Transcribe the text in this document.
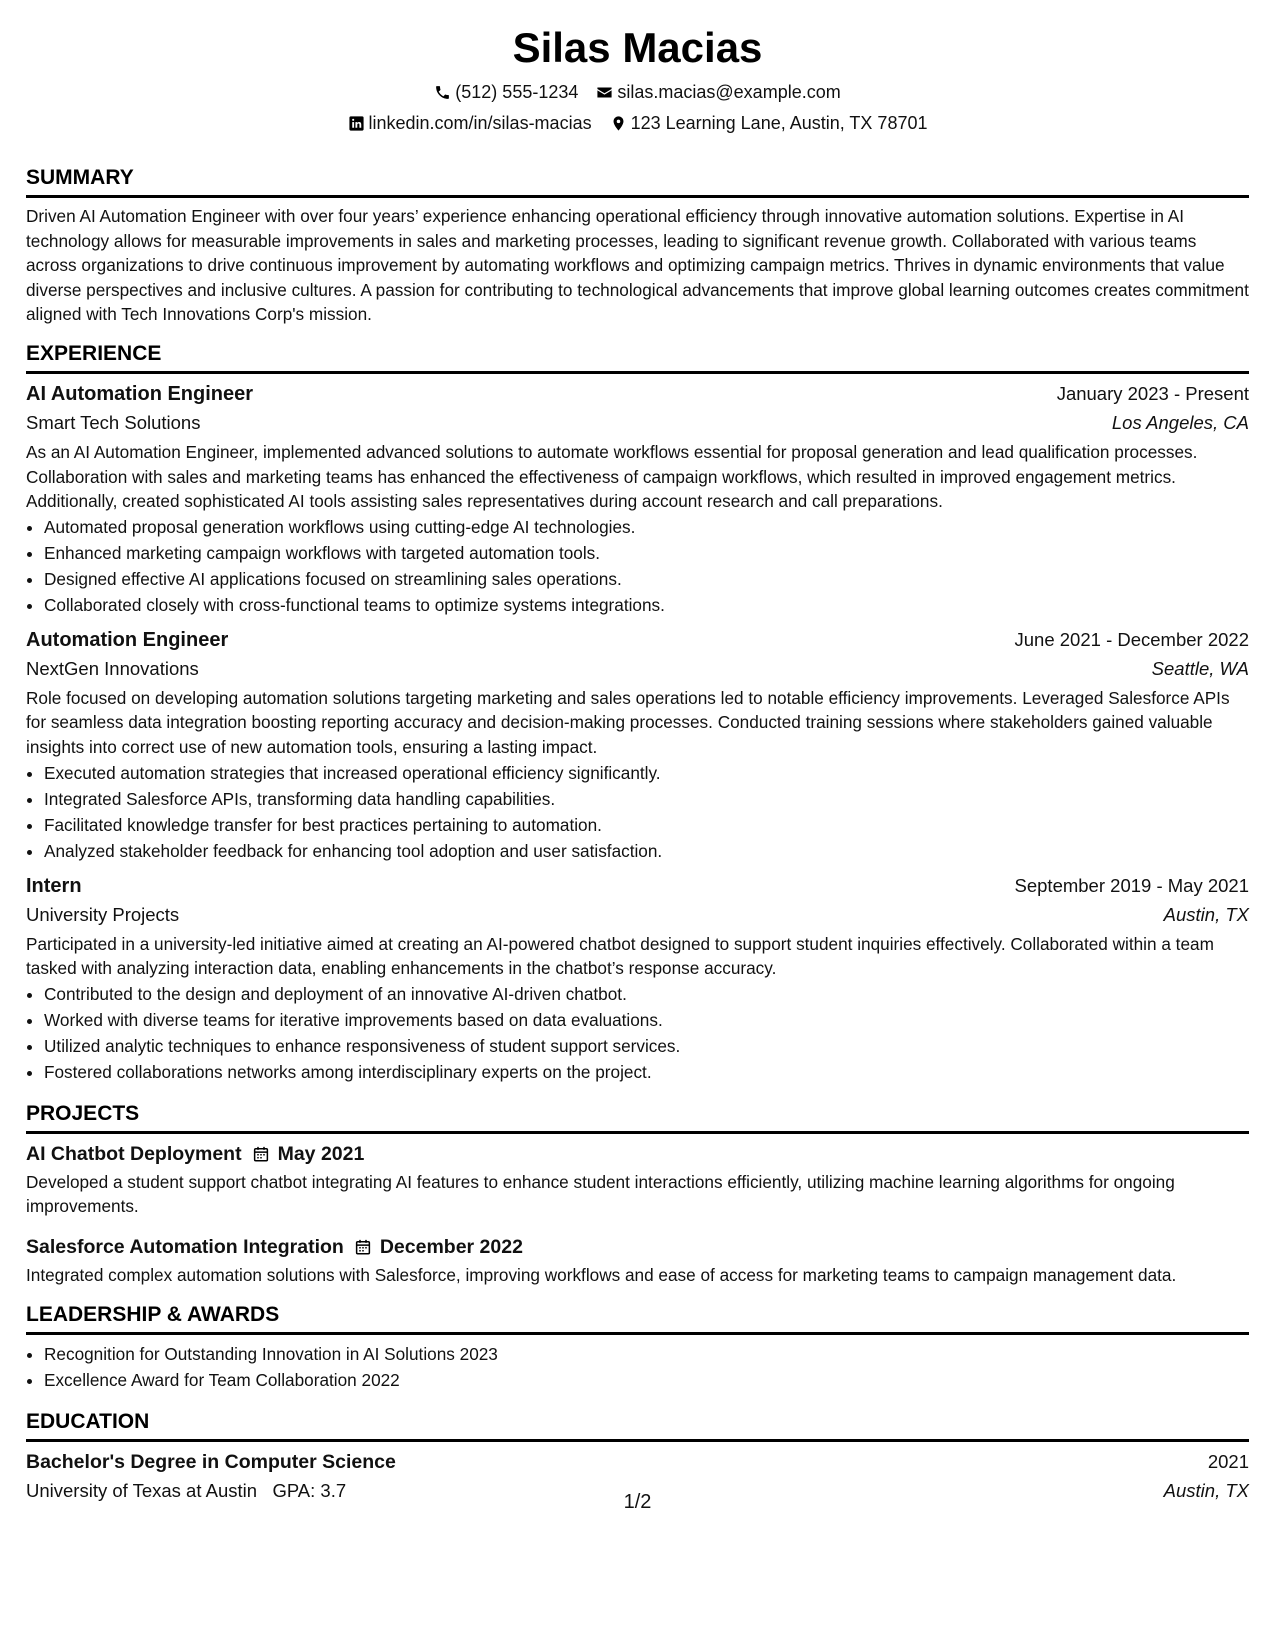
Silas Macias
(512) 555-1234 silas.macias@example.com
linkedin.com/in/silas-macias 123 Learning Lane, Austin, TX 78701
SUMMARY

Driven AI Automation Engineer with over four years’ experience enhancing operational efficiency through innovative automation solutions. Expertise in AI technology allows for measurable improvements in sales and marketing processes, leading to significant revenue growth. Collaborated with various teams across organizations to drive continuous improvement by automating workflows and optimizing campaign metrics. Thrives in dynamic environments that value diverse perspectives and inclusive cultures. A passion for contributing to technological advancements that improve global learning outcomes creates commitment aligned with Tech Innovations Corp's mission.

EXPERIENCE
AI Automation Engineer	January 2023 - Present
Smart Tech Solutions	Los Angeles, CA

As an AI Automation Engineer, implemented advanced solutions to automate workflows essential for proposal generation and lead qualification processes. Collaboration with sales and marketing teams has enhanced the effectiveness of campaign workflows, which resulted in improved engagement metrics. Additionally, created sophisticated AI tools assisting sales representatives during account research and call preparations.

• Automated proposal generation workflows using cutting-edge AI technologies.
• Enhanced marketing campaign workflows with targeted automation tools.
• Designed effective AI applications focused on streamlining sales operations.
• Collaborated closely with cross-functional teams to optimize systems integrations.
Automation Engineer	June 2021 - December 2022
NextGen Innovations	Seattle, WA

Role focused on developing automation solutions targeting marketing and sales operations led to notable efficiency improvements. Leveraged Salesforce APIs for seamless data integration boosting reporting accuracy and decision-making processes. Conducted training sessions where stakeholders gained valuable insights into correct use of new automation tools, ensuring a lasting impact.

• Executed automation strategies that increased operational efficiency significantly.
• Integrated Salesforce APIs, transforming data handling capabilities.
• Facilitated knowledge transfer for best practices pertaining to automation.
• Analyzed stakeholder feedback for enhancing tool adoption and user satisfaction.
Intern	September 2019 - May 2021
University Projects	Austin, TX

Participated in a university-led initiative aimed at creating an AI-powered chatbot designed to support student inquiries effectively. Collaborated within a team tasked with analyzing interaction data, enabling enhancements in the chatbot’s response accuracy.

• Contributed to the design and deployment of an innovative AI-driven chatbot.
• Worked with diverse teams for iterative improvements based on data evaluations.
• Utilized analytic techniques to enhance responsiveness of student support services.
• Fostered collaborations networks among interdisciplinary experts on the project.
PROJECTS
AI Chatbot Deployment May 2021

Developed a student support chatbot integrating AI features to enhance student interactions efficiently, utilizing machine learning algorithms for ongoing improvements.

Salesforce Automation Integration December 2022

Integrated complex automation solutions with Salesforce, improving workflows and ease of access for marketing teams to campaign management data.

LEADERSHIP & AWARDS
• Recognition for Outstanding Innovation in AI Solutions 2023
• Excellence Award for Team Collaboration 2022
EDUCATION
Bachelor's Degree in Computer Science	2021
University of Texas at Austin GPA: 3.7	Austin, TX
1/2
